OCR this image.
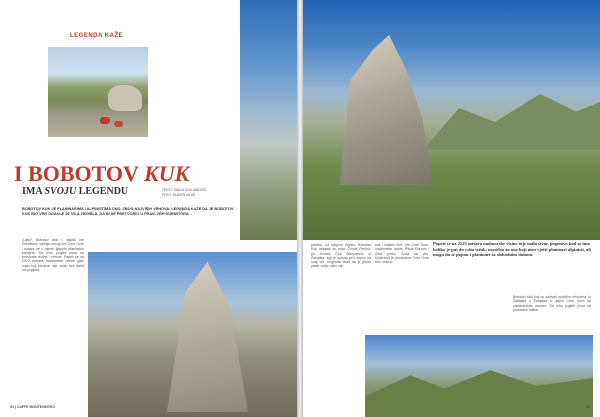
LEGENDA KAŽE
I BOBOTOV KUK
IMA SVOJU LEGENDU	TEKST: SANJA GOLIJANOVIĆ
FOTO: SLAVEN VILUS
BOBOTOV KUK JE PLANINARIMA I ALPINISTIMA ONO, ZBOG NAJVIŠIH VRHOVA: LEGENDA KAŽE DA JE BOBOTOV KUK BIO VRH ODAKLE JE VILA ZBORILA, DA BI SE PRETVORIO U PRAVI VRH DURMITORA...
„Ujaci“ Bobotov kuk i najviši vrh Durmitora, sjećaju mnogi vrh Crne Gore i nalaze se u njemu lijepote planinskih predjela. Sa vrha pogled puca na prostrane doline i vrhove. Papeli se na 2523 metara nadmorske visine gdje malo koji planinar nije ostao bez daha od pogleda.
94 | CAFFE MONTENEGRO
planinu, na njegovo mjesto. Bobotov Kuk nekada se zvao Čirova Pećina, po Jovanu Čiru Štiteparovu iz Žabljaka, koji je upisao prvi uspon na ovaj vrh. Legenda kaže da je jedan pastir ovdje vidio vilu.
kuk i lokalno ime. Vrh Crne Gore, nadmorske visine. Pastir Đurović i Čela preko Ćurta za vilu. Vidiknima je planinama Crne Gore bez vodiča.
Popeti se na 2523 metara nadmorske visine nije mala stvar, pogotovo kad se ima koliko je put do vrha težak, naročito za one koji nisu vješti planinari alpinisti, ali mogu da se popnu i planinari sa slobodnim duhom.
Bobotov Kuk koji su nazivali najnižim vrhovima. Iz Žabljaka u Žabljaka u daljini Crna Gora sa planinarskim domom. Sa vrha pogled puca na prostrane doline.
95
